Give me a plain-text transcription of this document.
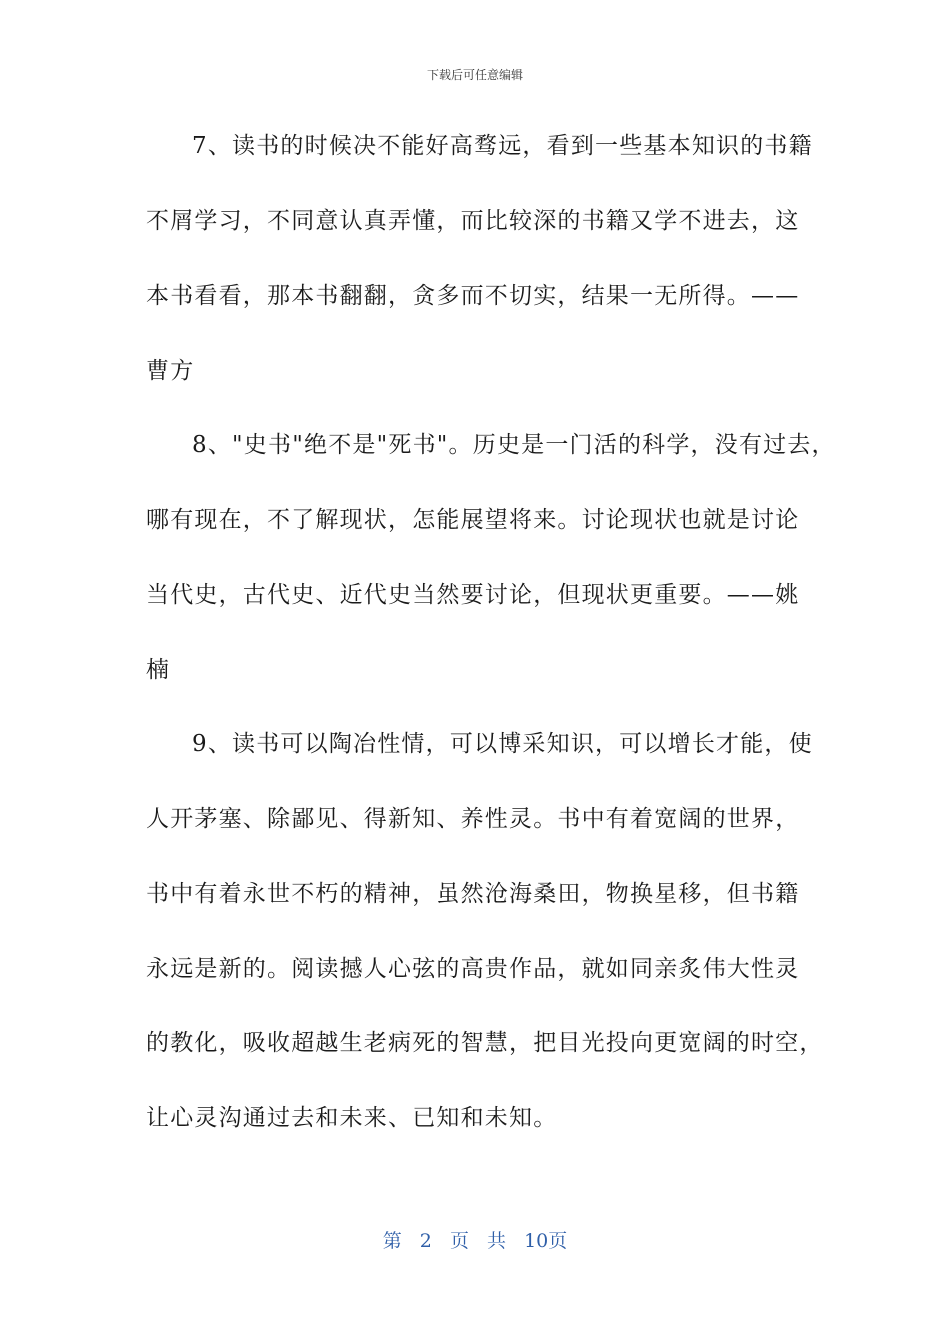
下载后可任意编辑
7、读书的时候决不能好高骛远，看到一些基本知识的书籍
不屑学习，不同意认真弄懂，而比较深的书籍又学不进去，这
本书看看，那本书翻翻，贪多而不切实，结果一无所得。——
曹方
8、"史书"绝不是"死书"。历史是一门活的科学，没有过去，
哪有现在，不了解现状，怎能展望将来。讨论现状也就是讨论
当代史，古代史、近代史当然要讨论，但现状更重要。——姚
楠
9、读书可以陶冶性情，可以博采知识，可以增长才能，使
人开茅塞、除鄙见、得新知、养性灵。书中有着宽阔的世界，
书中有着永世不朽的精神，虽然沧海桑田，物换星移，但书籍
永远是新的。阅读撼人心弦的高贵作品，就如同亲炙伟大性灵
的教化，吸收超越生老病死的智慧，把目光投向更宽阔的时空，
让心灵沟通过去和未来、已知和未知。
第 2 页 共 10页
